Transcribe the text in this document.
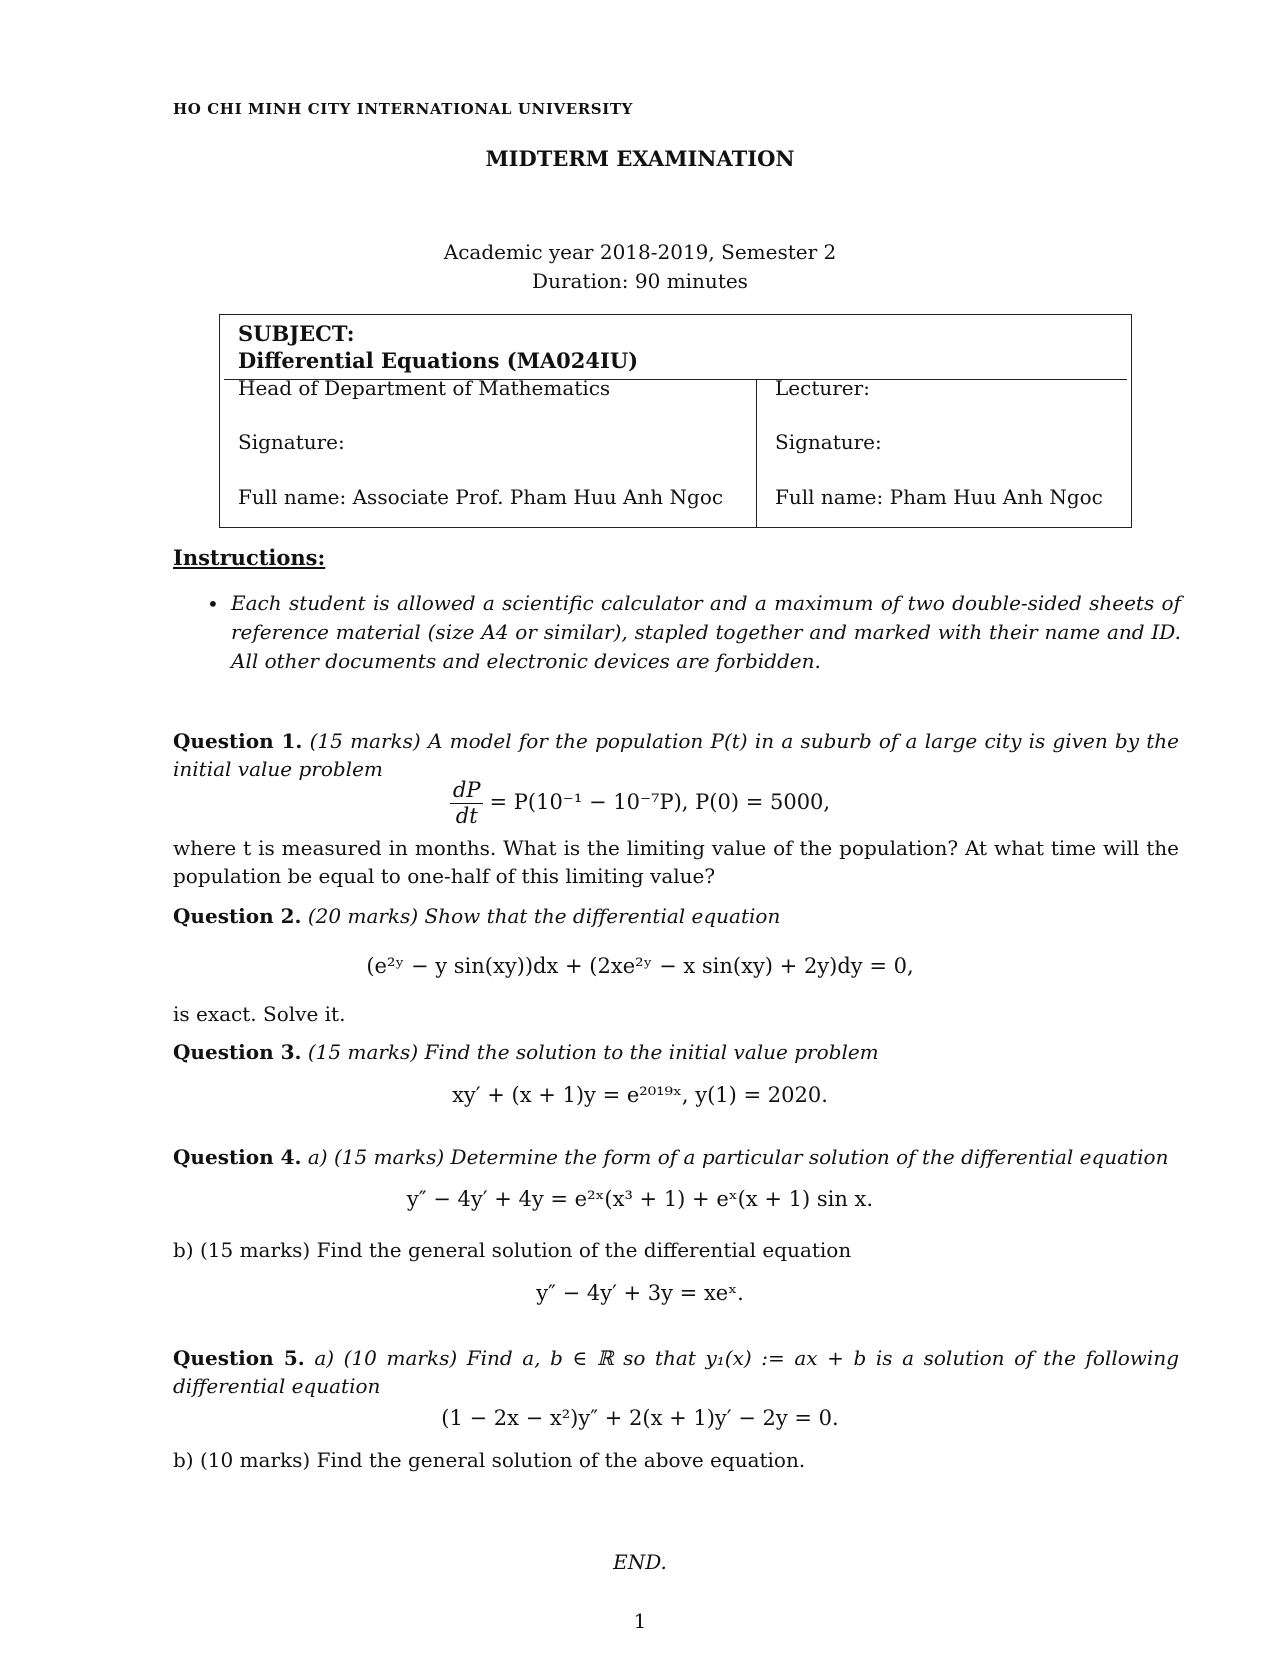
HO CHI MINH CITY INTERNATIONAL UNIVERSITY
MIDTERM EXAMINATION
Academic year 2018-2019, Semester 2
Duration: 90 minutes
SUBJECT:
Differential Equations (MA024IU)
Head of Department of Mathematics
Signature:
Full name: Associate Prof. Pham Huu Anh Ngoc
Lecturer:
Signature:
Full name: Pham Huu Anh Ngoc
Instructions:
• Each student is allowed a scientific calculator and a maximum of two double-sided sheets of reference material (size A4 or similar), stapled together and marked with their name and ID. All other documents and electronic devices are forbidden.
Question 1. (15 marks) A model for the population P(t) in a suburb of a large city is given by the initial value problem
$\frac{dP}{dt} = P(10^{-1} - 10^{-7}P)$, P(0) = 5000,
where t is measured in months. What is the limiting value of the population? At what time will the population be equal to one-half of this limiting value?
Question 2. (20 marks) Show that the differential equation
(e²ʸ − y sin(xy))dx + (2xe²ʸ − x sin(xy) + 2y)dy = 0,
is exact. Solve it.
Question 3. (15 marks) Find the solution to the initial value problem
xy′ + (x + 1)y = e²⁰¹⁹ˣ, y(1) = 2020.
Question 4. a) (15 marks) Determine the form of a particular solution of the differential equation
y″ − 4y′ + 4y = e²ˣ(x³ + 1) + eˣ(x + 1) sin x.
b) (15 marks) Find the general solution of the differential equation
y″ − 4y′ + 3y = xeˣ.
Question 5. a) (10 marks) Find a, b ∈ ℝ so that y₁(x) := ax + b is a solution of the following differential equation
(1 − 2x − x²)y″ + 2(x + 1)y′ − 2y = 0.
b) (10 marks) Find the general solution of the above equation.
END.
1
